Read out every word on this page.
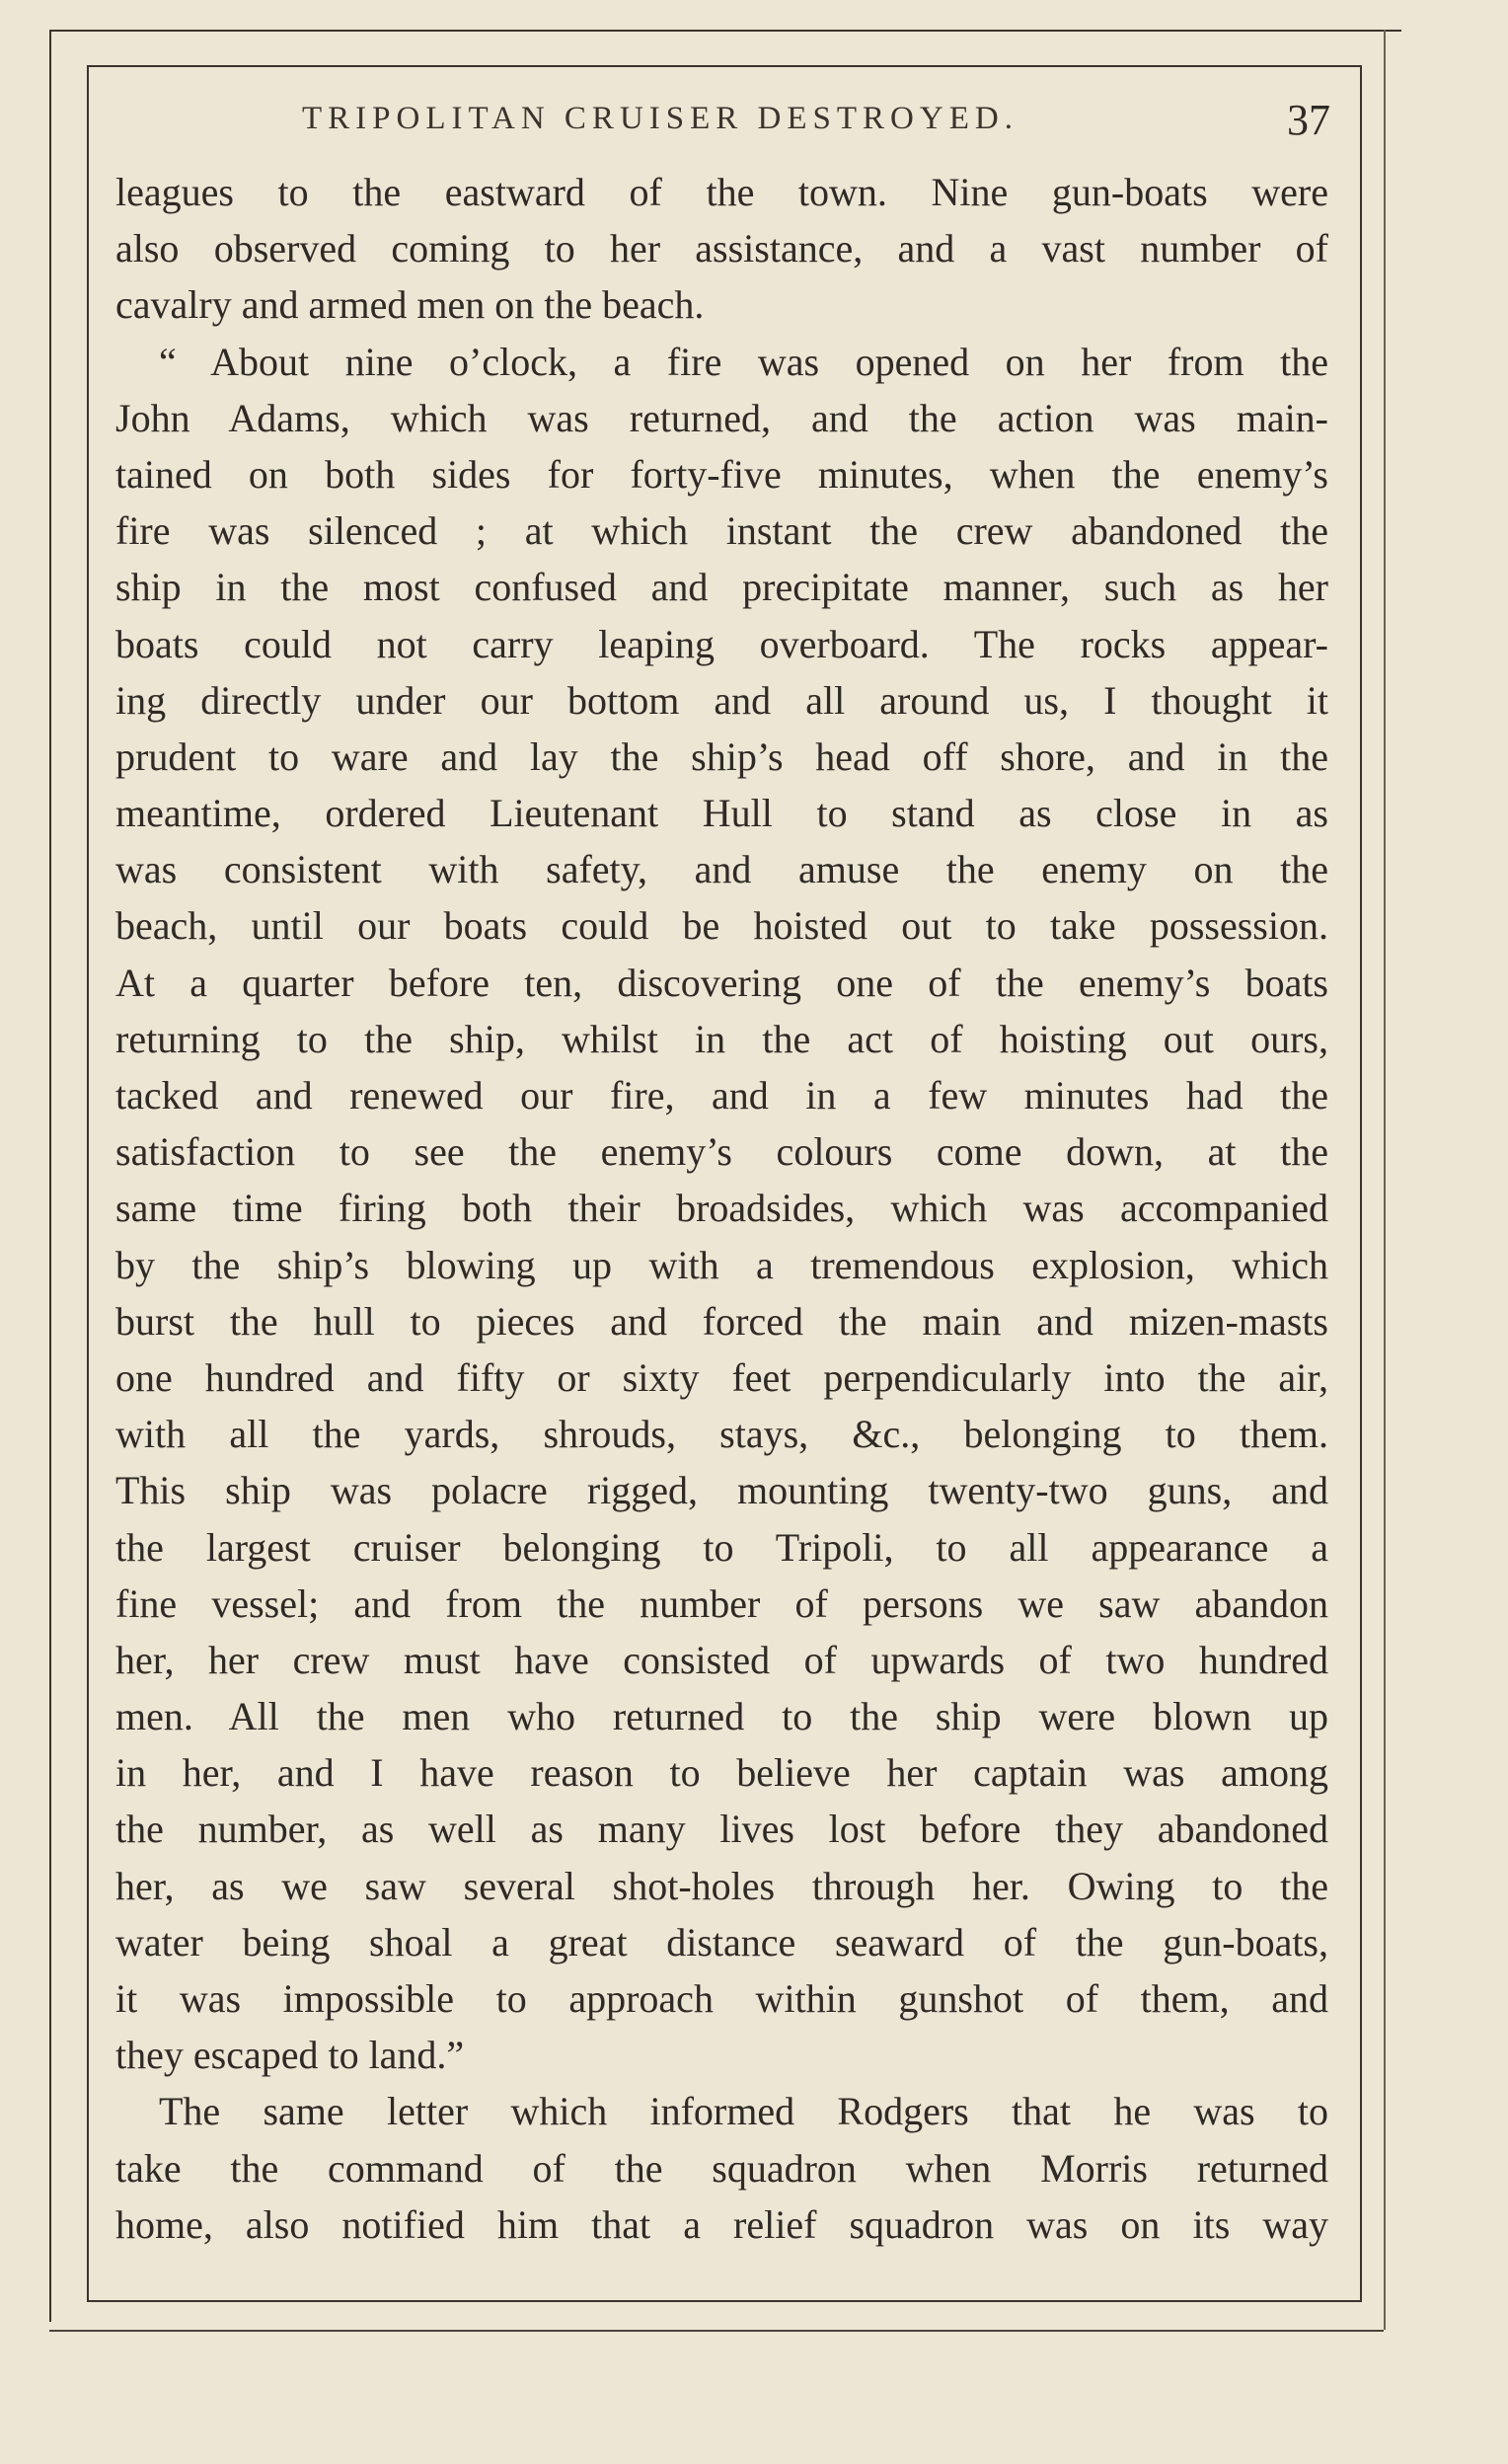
TRIPOLITAN CRUISER DESTROYED.	37
leagues to the eastward of the town. Nine gun-boats were
also observed coming to her assistance, and a vast number of
cavalry and armed men on the beach.
“ About nine o’clock, a fire was opened on her from the
John Adams, which was returned, and the action was main-
tained on both sides for forty-five minutes, when the enemy’s
fire was silenced ; at which instant the crew abandoned the
ship in the most confused and precipitate manner, such as her
boats could not carry leaping overboard. The rocks appear-
ing directly under our bottom and all around us, I thought it
prudent to ware and lay the ship’s head off shore, and in the
meantime, ordered Lieutenant Hull to stand as close in as
was consistent with safety, and amuse the enemy on the
beach, until our boats could be hoisted out to take possession.
At a quarter before ten, discovering one of the enemy’s boats
returning to the ship, whilst in the act of hoisting out ours,
tacked and renewed our fire, and in a few minutes had the
satisfaction to see the enemy’s colours come down, at the
same time firing both their broadsides, which was accompanied
by the ship’s blowing up with a tremendous explosion, which
burst the hull to pieces and forced the main and mizen-masts
one hundred and fifty or sixty feet perpendicularly into the air,
with all the yards, shrouds, stays, &c., belonging to them.
This ship was polacre rigged, mounting twenty-two guns, and
the largest cruiser belonging to Tripoli, to all appearance a
fine vessel; and from the number of persons we saw abandon
her, her crew must have consisted of upwards of two hundred
men. All the men who returned to the ship were blown up
in her, and I have reason to believe her captain was among
the number, as well as many lives lost before they abandoned
her, as we saw several shot-holes through her. Owing to the
water being shoal a great distance seaward of the gun-boats,
it was impossible to approach within gunshot of them, and
they escaped to land.”
The same letter which informed Rodgers that he was to
take the command of the squadron when Morris returned
home, also notified him that a relief squadron was on its way
